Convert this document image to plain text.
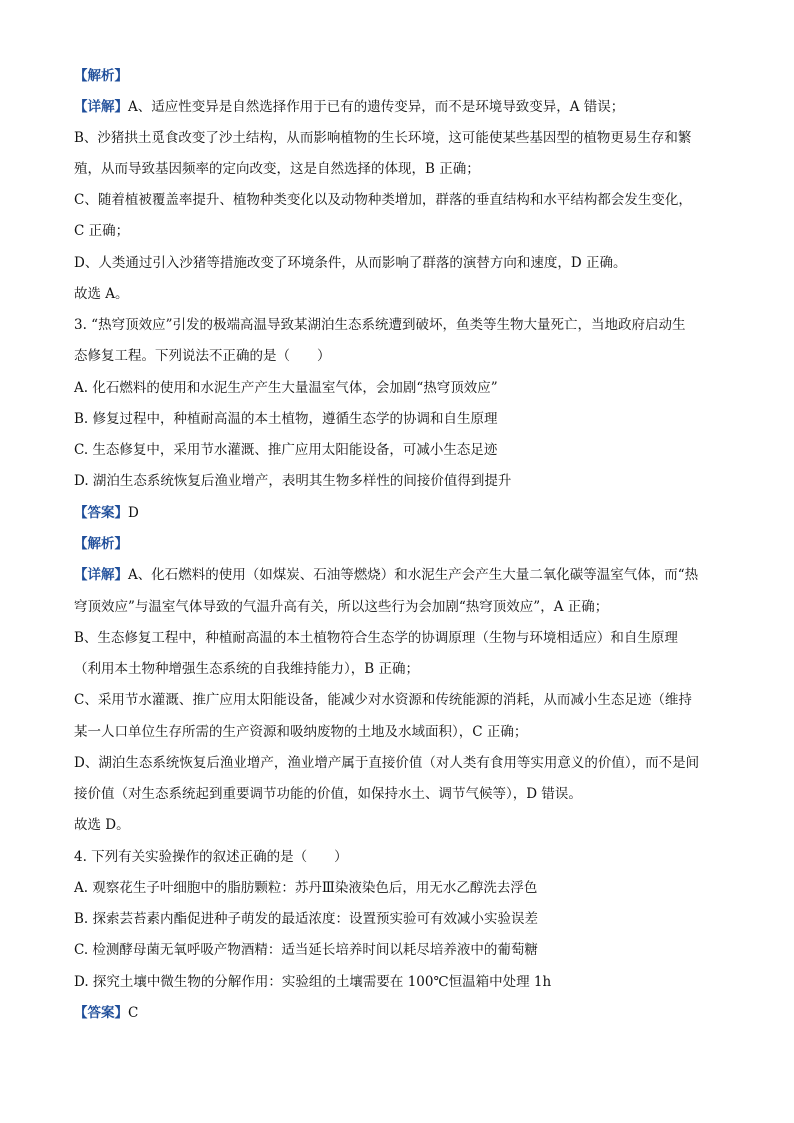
【解析】
【详解】A、适应性变异是自然选择作用于已有的遗传变异，而不是环境导致变异，A 错误；
B、沙猪拱土觅食改变了沙土结构，从而影响植物的生长环境，这可能使某些基因型的植物更易生存和繁
殖，从而导致基因频率的定向改变，这是自然选择的体现，B 正确；
C、随着植被覆盖率提升、植物种类变化以及动物种类增加，群落的垂直结构和水平结构都会发生变化，
C 正确；
D、人类通过引入沙猪等措施改变了环境条件，从而影响了群落的演替方向和速度，D 正确。
故选 A。
3. “热穹顶效应”引发的极端高温导致某湖泊生态系统遭到破坏，鱼类等生物大量死亡，当地政府启动生
态修复工程。下列说法不正确的是（　　）
A. 化石燃料的使用和水泥生产产生大量温室气体，会加剧“热穹顶效应”
B. 修复过程中，种植耐高温的本土植物，遵循生态学的协调和自生原理
C. 生态修复中，采用节水灌溉、推广应用太阳能设备，可减小生态足迹
D. 湖泊生态系统恢复后渔业增产，表明其生物多样性的间接价值得到提升
【答案】D
【解析】
【详解】A、化石燃料的使用（如煤炭、石油等燃烧）和水泥生产会产生大量二氧化碳等温室气体，而“热
穹顶效应”与温室气体导致的气温升高有关，所以这些行为会加剧“热穹顶效应”，A 正确；
B、生态修复工程中，种植耐高温的本土植物符合生态学的协调原理（生物与环境相适应）和自生原理
（利用本土物种增强生态系统的自我维持能力），B 正确；
C、采用节水灌溉、推广应用太阳能设备，能减少对水资源和传统能源的消耗，从而减小生态足迹（维持
某一人口单位生存所需的生产资源和吸纳废物的土地及水域面积），C 正确；
D、湖泊生态系统恢复后渔业增产，渔业增产属于直接价值（对人类有食用等实用意义的价值），而不是间
接价值（对生态系统起到重要调节功能的价值，如保持水土、调节气候等），D 错误。
故选 D。
4. 下列有关实验操作的叙述正确的是（　　）
A. 观察花生子叶细胞中的脂肪颗粒：苏丹Ⅲ染液染色后，用无水乙醇洗去浮色
B. 探索芸苔素内酯促进种子萌发的最适浓度：设置预实验可有效减小实验误差
C. 检测酵母菌无氧呼吸产物酒精：适当延长培养时间以耗尽培养液中的葡萄糖
D. 探究土壤中微生物的分解作用：实验组的土壤需要在 100℃恒温箱中处理 1h
【答案】C
